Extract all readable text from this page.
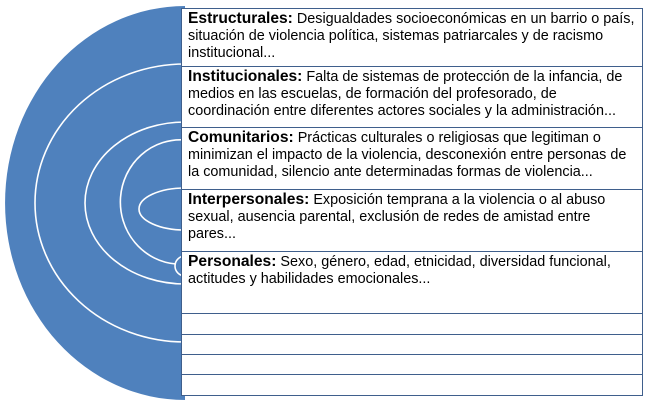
Estructurales: Desigualdades socioeconómicas en un barrio o país, situación de violencia política, sistemas patriarcales y de racismo institucional...
Institucionales: Falta de sistemas de protección de la infancia, de medios en las escuelas, de formación del profesorado, de coordinación entre diferentes actores sociales y la administración...
Comunitarios: Prácticas culturales o religiosas que legitiman o minimizan el impacto de la violencia, desconexión entre personas de la comunidad, silencio ante determinadas formas de violencia...
Interpersonales: Exposición temprana a la violencia o al abuso sexual, ausencia parental, exclusión de redes de amistad entre pares...
Personales: Sexo, género, edad, etnicidad, diversidad funcional, actitudes y habilidades emocionales...
